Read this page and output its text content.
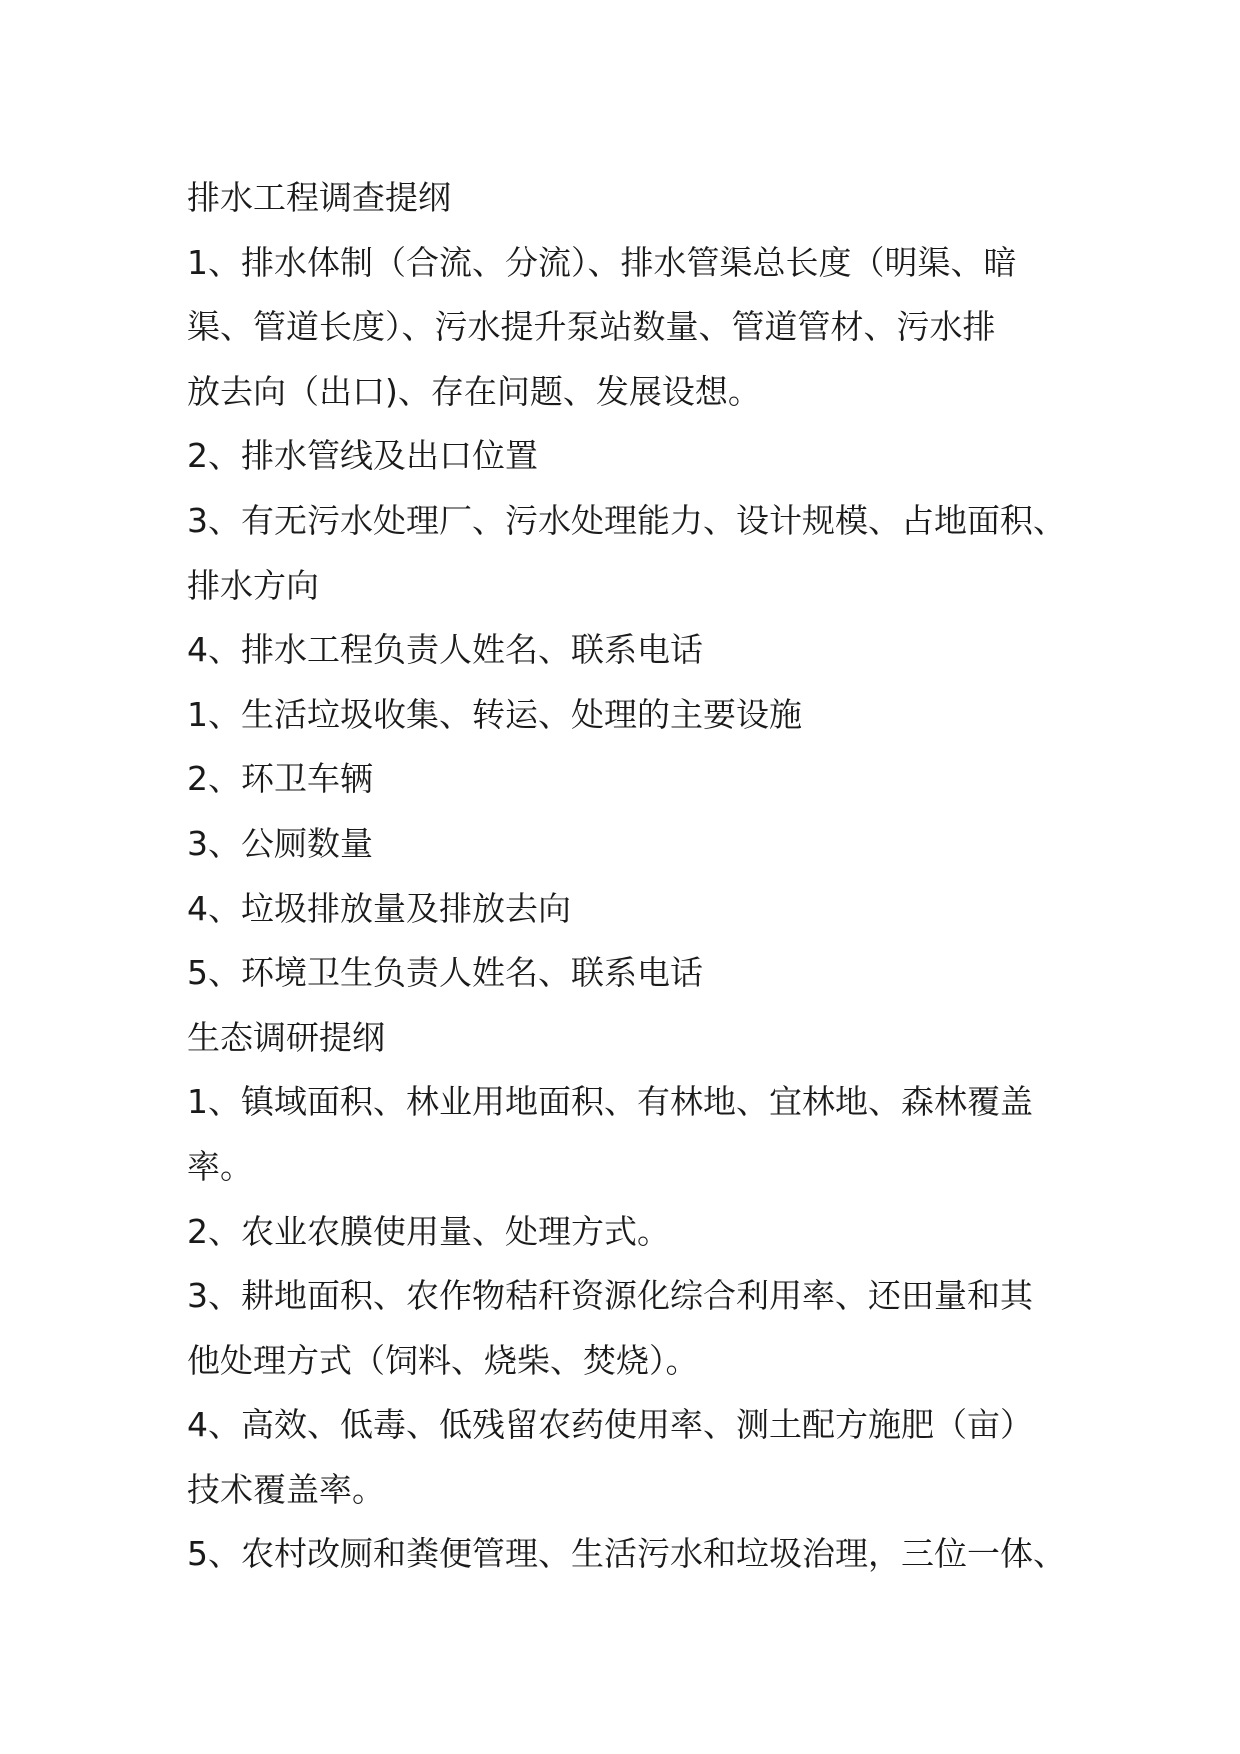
排水工程调查提纲
1、排水体制（合流、分流）、排水管渠总长度（明渠、暗
渠、管道长度）、污水提升泵站数量、管道管材、污水排
放去向（出口)、存在问题、发展设想。
2、排水管线及出口位置
3、有无污水处理厂、污水处理能力、设计规模、占地面积、
排水方向
4、排水工程负责人姓名、联系电话
1、生活垃圾收集、转运、处理的主要设施
2、环卫车辆
3、公厕数量
4、垃圾排放量及排放去向
5、环境卫生负责人姓名、联系电话
生态调研提纲
1、镇域面积、林业用地面积、有林地、宜林地、森林覆盖
率。
2、农业农膜使用量、处理方式。
3、耕地面积、农作物秸秆资源化综合利用率、还田量和其
他处理方式（饲料、烧柴、焚烧）。
4、高效、低毒、低残留农药使用率、测土配方施肥（亩）
技术覆盖率。
5、农村改厕和粪便管理、生活污水和垃圾治理，三位一体、
